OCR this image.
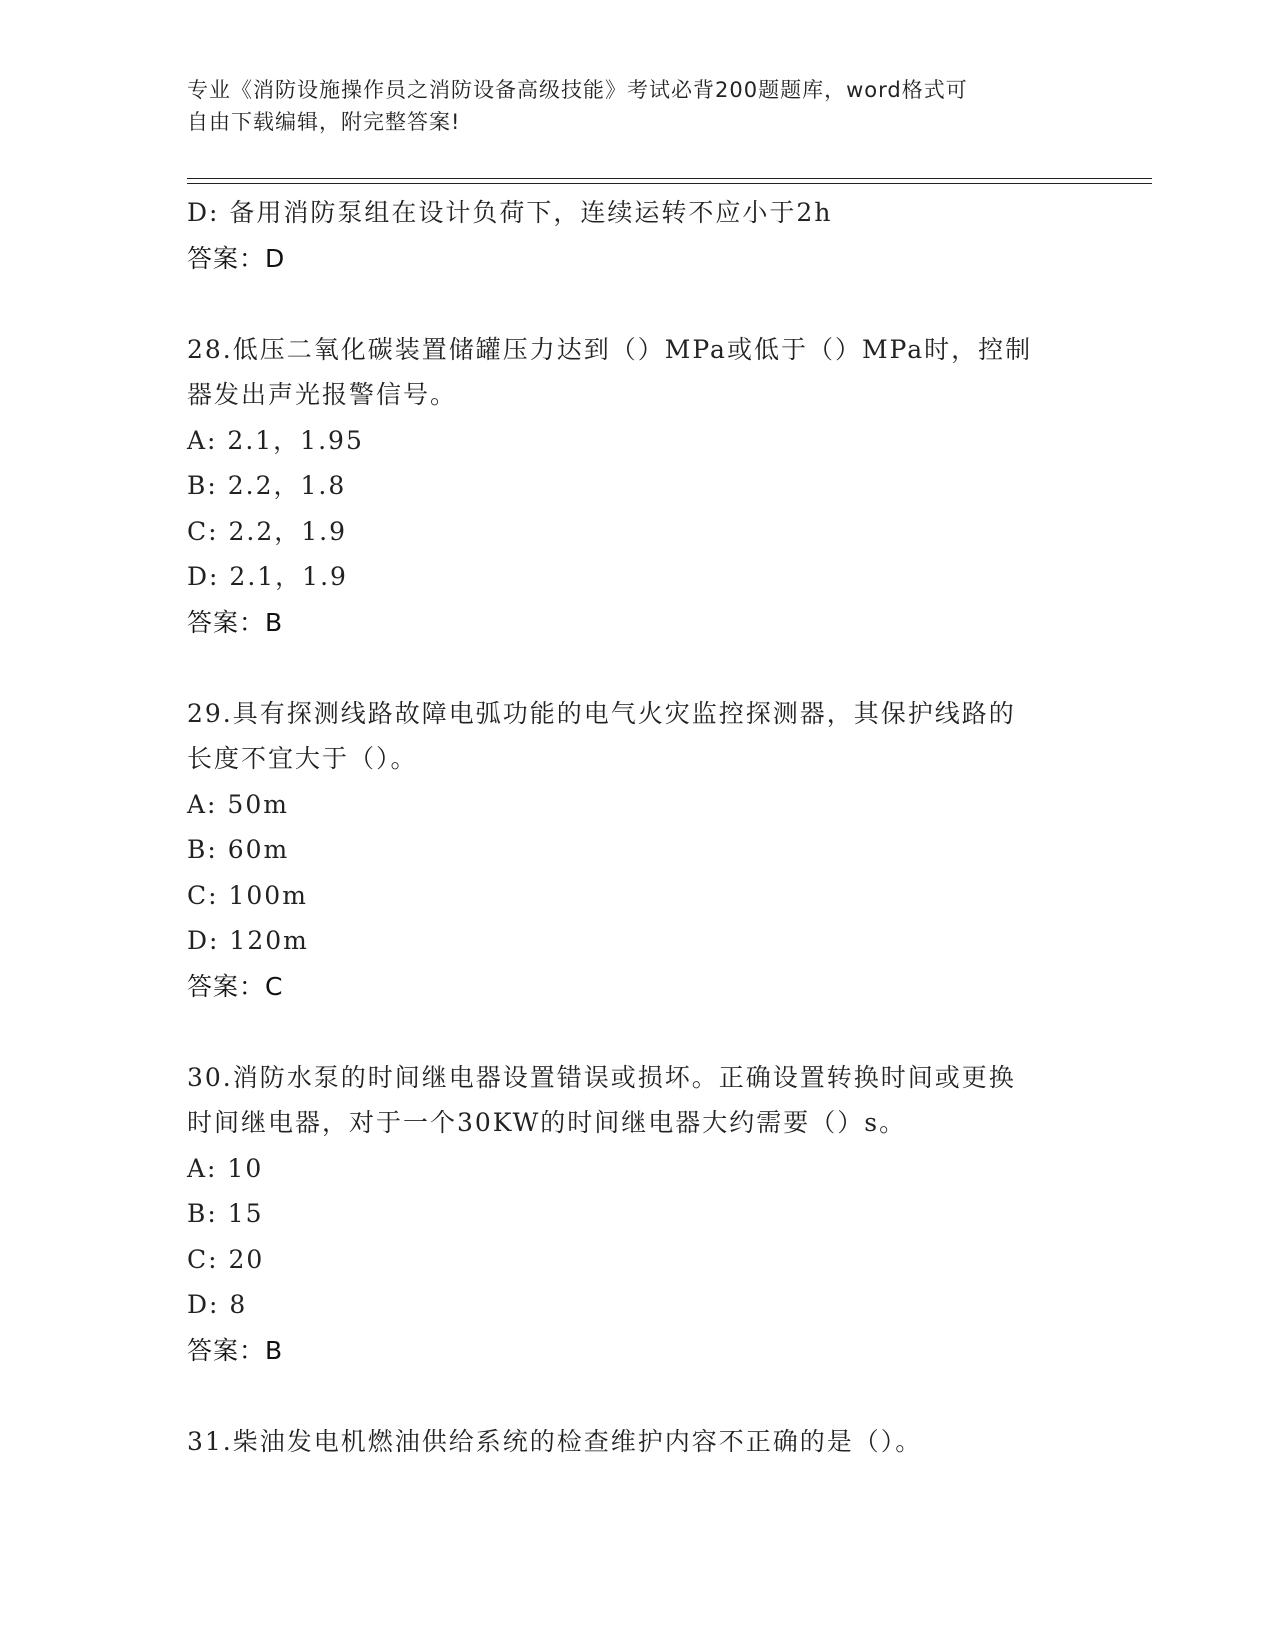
专业《消防设施操作员之消防设备高级技能》考试必背200题题库，word格式可
自由下载编辑，附完整答案!
D: 备用消防泵组在设计负荷下，连续运转不应小于2h
答案：D
28.低压二氧化碳装置储罐压力达到（）MPa或低于（）MPa时，控制
器发出声光报警信号。
A: 2.1，1.95
B: 2.2，1.8
C: 2.2，1.9
D: 2.1，1.9
答案：B
29.具有探测线路故障电弧功能的电气火灾监控探测器，其保护线路的
长度不宜大于（）。
A: 50m
B: 60m
C: 100m
D: 120m
答案：C
30.消防水泵的时间继电器设置错误或损坏。正确设置转换时间或更换
时间继电器，对于一个30KW的时间继电器大约需要（）s。
A: 10
B: 15
C: 20
D: 8
答案：B
31.柴油发电机燃油供给系统的检查维护内容不正确的是（）。
